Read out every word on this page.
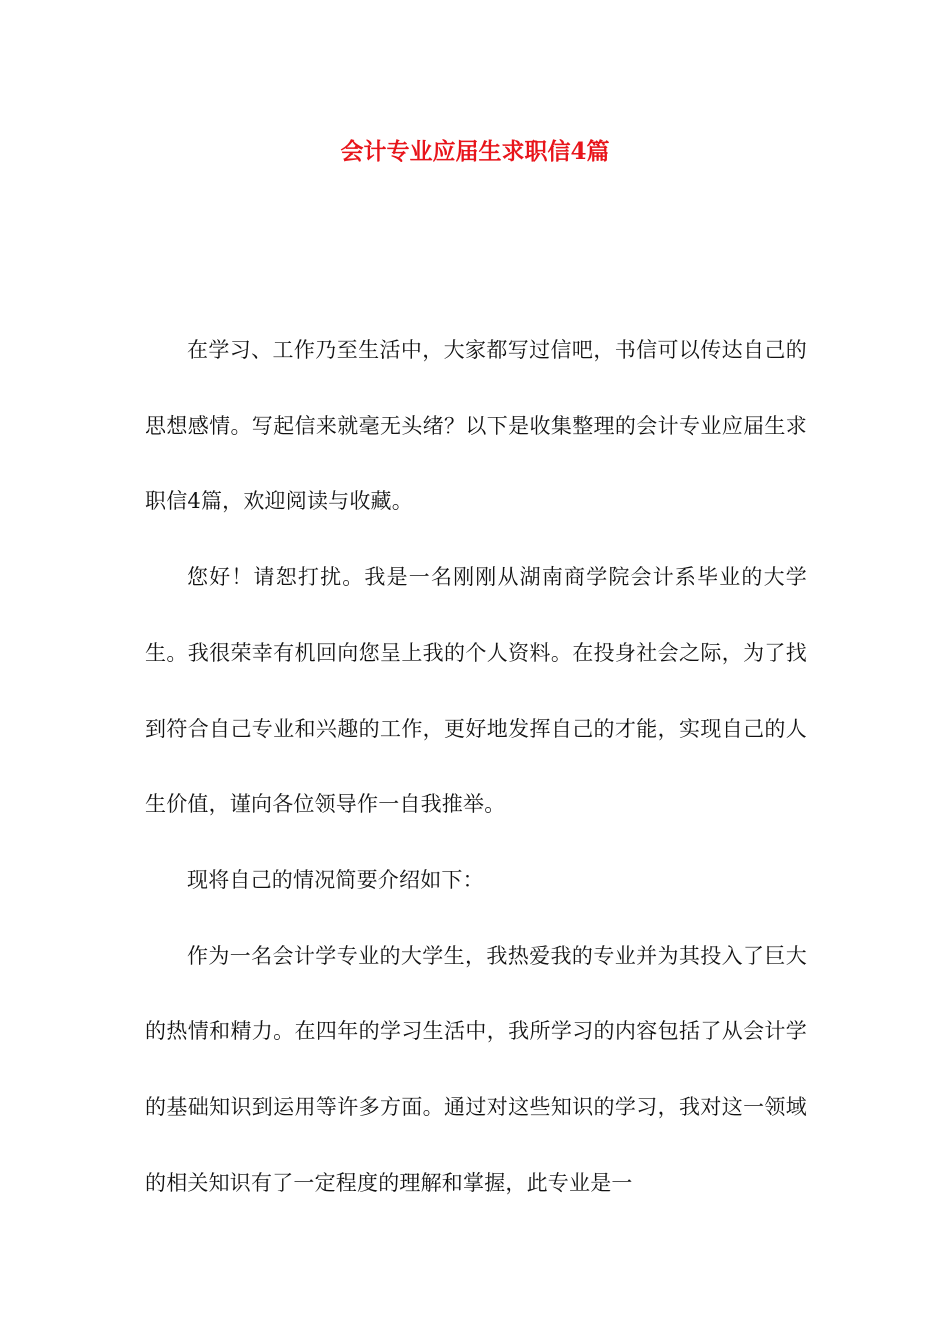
会计专业应届生求职信4篇

在学习、工作乃至生活中，大家都写过信吧，书信可以传达自己的思想感情。写起信来就毫无头绪？以下是收集整理的会计专业应届生求职信4篇，欢迎阅读与收藏。

您好！请恕打扰。我是一名刚刚从湖南商学院会计系毕业的大学生。我很荣幸有机回向您呈上我的个人资料。在投身社会之际，为了找到符合自己专业和兴趣的工作，更好地发挥自己的才能，实现自己的人生价值，谨向各位领导作一自我推举。

现将自己的情况简要介绍如下：

作为一名会计学专业的大学生，我热爱我的专业并为其投入了巨大的热情和精力。在四年的学习生活中，我所学习的内容包括了从会计学的基础知识到运用等许多方面。通过对这些知识的学习，我对这一领域的相关知识有了一定程度的理解和掌握，此专业是一
